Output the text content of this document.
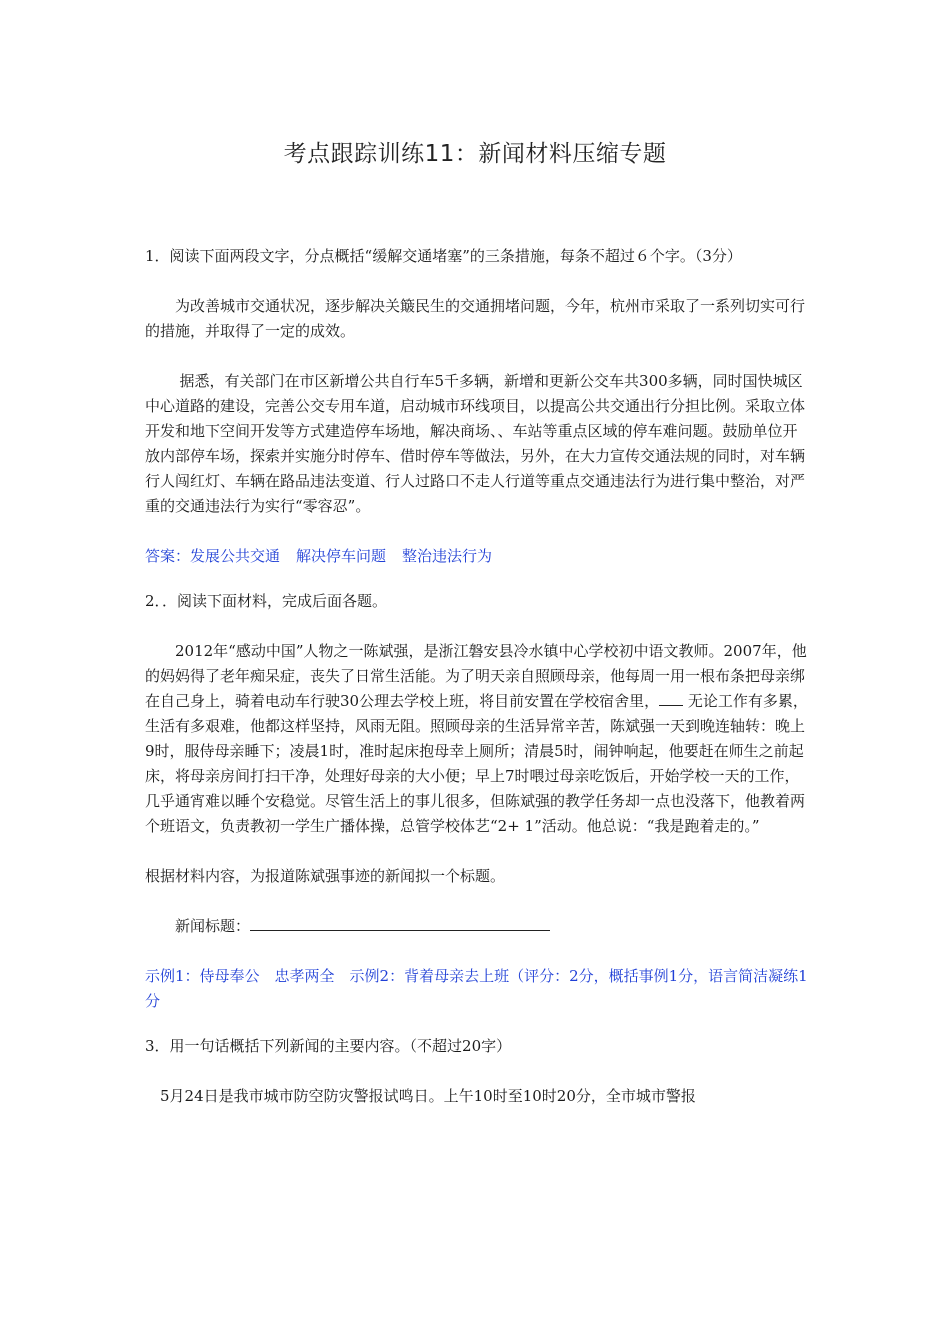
考点跟踪训练11：新闻材料压缩专题

1．阅读下面两段文字，分点概括“缓解交通堵塞”的三条措施，每条不超过６个字。（3分）

为改善城市交通状况，逐步解决关簸民生的交通拥堵问题，今年，杭州市采取了一系列切实可行的措施，并取得了一定的成效。

据悉，有关部门在市区新增公共自行车5千多辆，新增和更新公交车共300多辆，同时国快城区中心道路的建设，完善公交专用车道，启动城市环线项目，以提高公共交通出行分担比例。采取立体开发和地下空间开发等方式建造停车场地，解决商场、、车站等重点区域的停车难问题。鼓励单位开放内部停车场，探索并实施分时停车、借时停车等做法，另外，在大力宣传交通法规的同时，对车辆行人闯红灯、车辆在路品违法变道、行人过路口不走人行道等重点交通违法行为进行集中整治，对严重的交通违法行为实行“零容忍”。

答案：发展公共交通 解决停车问题 整治违法行为

2．．阅读下面材料，完成后面各题。

2012年“感动中国”人物之一陈斌强，是浙江磐安县冷水镇中心学校初中语文教师。2007年，他的妈妈得了老年痴呆症，丧失了日常生活能。为了明天亲自照顾母亲，他每周一用一根布条把母亲绑在自己身上，骑着电动车行驶30公理去学校上班，将目前安置在学校宿舍里， 无论工作有多累，生活有多艰难，他都这样坚持，风雨无阻。照顾母亲的生活异常辛苦，陈斌强一天到晚连轴转：晚上9时，服侍母亲睡下；凌晨1时，准时起床抱母幸上厕所；清晨5时，闹钟响起，他要赶在师生之前起床，将母亲房间打扫干净，处理好母亲的大小便；早上7时喂过母亲吃饭后，开始学校一天的工作，几乎通宵难以睡个安稳觉。尽管生活上的事儿很多，但陈斌强的教学任务却一点也没落下，他教着两个班语文，负责教初一学生广播体操，总管学校体艺“2+ 1”活动。他总说：“我是跑着走的。”

根据材料内容，为报道陈斌强事迹的新闻拟一个标题。

新闻标题：

示例1：侍母奉公　忠孝两全　示例2：背着母亲去上班（评分：2分，概括事例1分，语言简洁凝练1分

3．用一句话概括下列新闻的主要内容。（不超过20字）

5月24日是我市城市防空防灾警报试鸣日。上午10时至10时20分，全市城市警报
